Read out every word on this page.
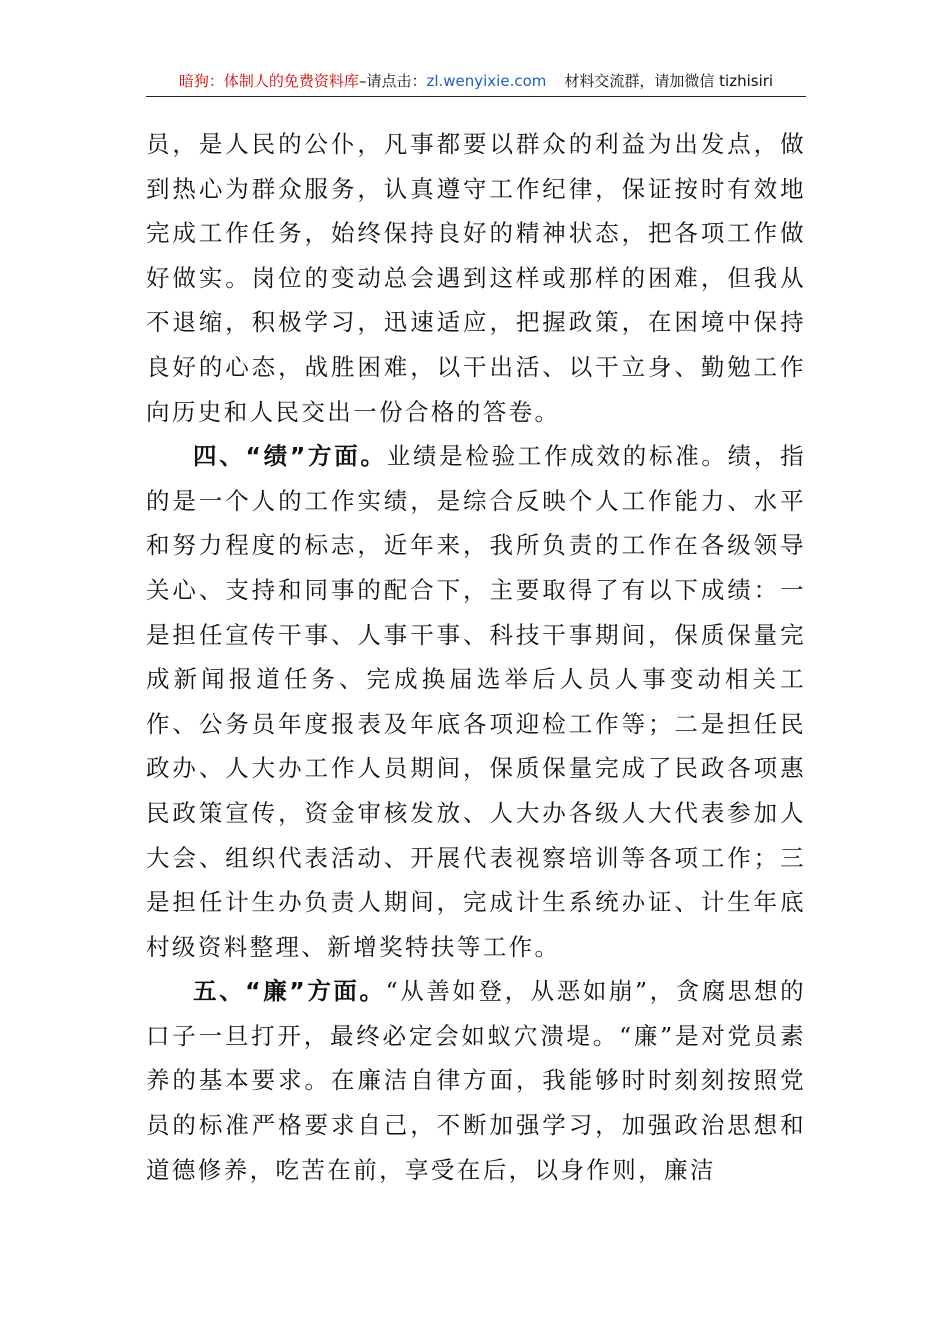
暗狗：体制人的免费资料库–请点击：zl.wenyixie.com 材料交流群，请加微信 tizhisiri

员，是人民的公仆，凡事都要以群众的利益为出发点，做到热心为群众服务，认真遵守工作纪律，保证按时有效地完成工作任务，始终保持良好的精神状态，把各项工作做好做实。岗位的变动总会遇到这样或那样的困难，但我从不退缩，积极学习，迅速适应，把握政策，在困境中保持良好的心态，战胜困难，以干出活、以干立身、勤勉工作向历史和人民交出一份合格的答卷。

四、“绩”方面。业绩是检验工作成效的标准。绩，指的是一个人的工作实绩，是综合反映个人工作能力、水平和努力程度的标志，近年来，我所负责的工作在各级领导关心、支持和同事的配合下，主要取得了有以下成绩：一是担任宣传干事、人事干事、科技干事期间，保质保量完成新闻报道任务、完成换届选举后人员人事变动相关工作、公务员年度报表及年底各项迎检工作等；二是担任民政办、人大办工作人员期间，保质保量完成了民政各项惠民政策宣传，资金审核发放、人大办各级人大代表参加人大会、组织代表活动、开展代表视察培训等各项工作；三是担任计生办负责人期间，完成计生系统办证、计生年底村级资料整理、新增奖特扶等工作。

五、“廉”方面。“从善如登，从恶如崩”，贪腐思想的口子一旦打开，最终必定会如蚁穴溃堤。“廉”是对党员素养的基本要求。在廉洁自律方面，我能够时时刻刻按照党员的标准严格要求自己，不断加强学习，加强政治思想和道德修养，吃苦在前，享受在后，以身作则，廉洁
